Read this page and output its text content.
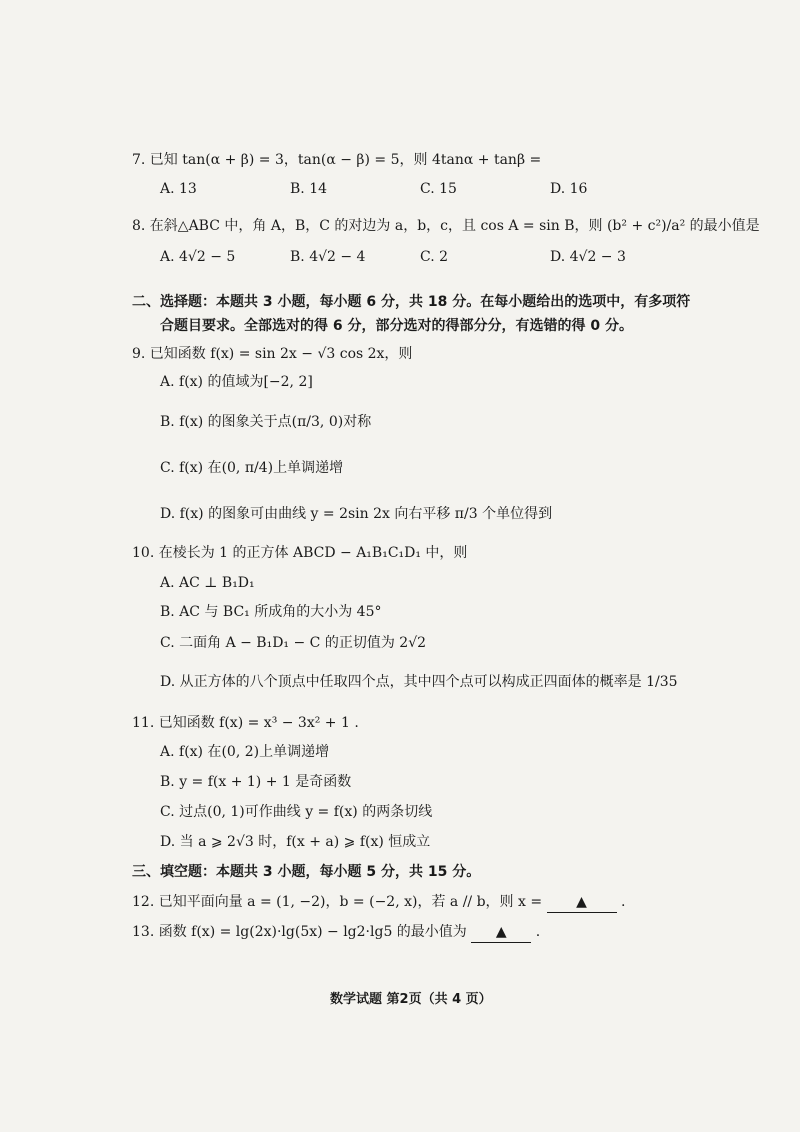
7. 已知 tan(α + β) = 3，tan(α − β) = 5，则 4tanα + tanβ =
A. 13	B. 14	C. 15	D. 16
8. 在斜△ABC 中，角 A，B，C 的对边为 a，b，c，且 cos A = sin B，则 (b² + c²)/a² 的最小值是
A. 4√2 − 5	B. 4√2 − 4	C. 2	D. 4√2 − 3
二、选择题：本题共 3 小题，每小题 6 分，共 18 分。在每小题给出的选项中，有多项符
合题目要求。全部选对的得 6 分，部分选对的得部分分，有选错的得 0 分。
9. 已知函数 f(x) = sin 2x − √3 cos 2x，则
A. f(x) 的值域为[−2, 2]
B. f(x) 的图象关于点(π/3, 0)对称
C. f(x) 在(0, π/4)上单调递增
D. f(x) 的图象可由曲线 y = 2sin 2x 向右平移 π/3 个单位得到
10. 在棱长为 1 的正方体 ABCD − A₁B₁C₁D₁ 中，则
A. AC ⊥ B₁D₁
B. AC 与 BC₁ 所成角的大小为 45°
C. 二面角 A − B₁D₁ − C 的正切值为 2√2
D. 从正方体的八个顶点中任取四个点，其中四个点可以构成正四面体的概率是 1/35
11. 已知函数 f(x) = x³ − 3x² + 1 .
A. f(x) 在(0, 2)上单调递增
B. y = f(x + 1) + 1 是奇函数
C. 过点(0, 1)可作曲线 y = f(x) 的两条切线
D. 当 a ⩾ 2√3 时，f(x + a) ⩾ f(x) 恒成立
三、填空题：本题共 3 小题，每小题 5 分，共 15 分。
12. 已知平面向量 a = (1, −2)，b = (−2, x)，若 a // b，则 x = ▲ .
13. 函数 f(x) = lg(2x)·lg(5x) − lg2·lg5 的最小值为 ▲ .
数学试题 第2页（共 4 页）
